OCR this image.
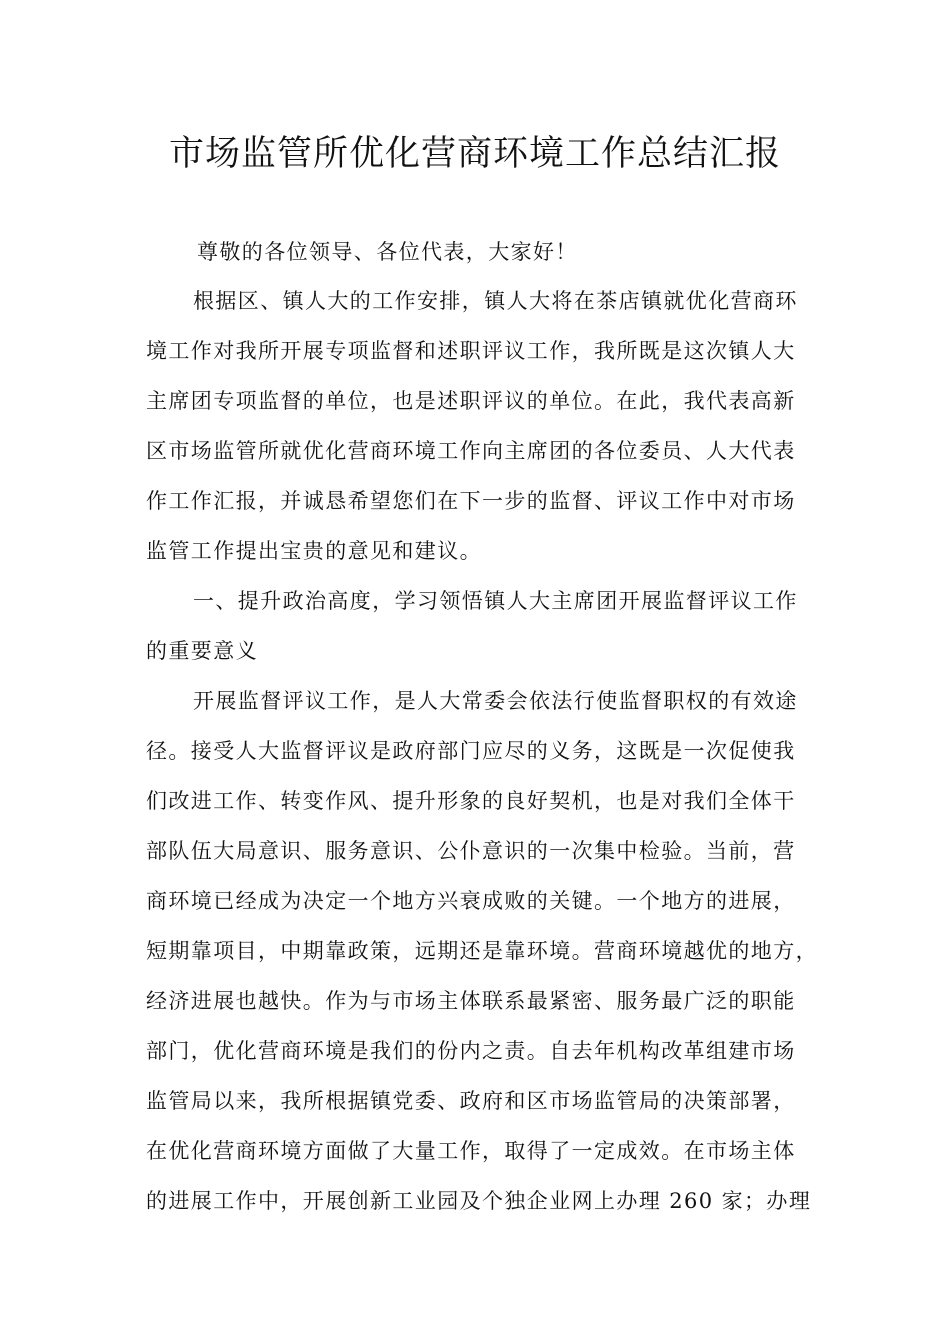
市场监管所优化营商环境工作总结汇报
尊敬的各位领导、各位代表，大家好！
根据区、镇人大的工作安排，镇人大将在茶店镇就优化营商环
境工作对我所开展专项监督和述职评议工作，我所既是这次镇人大
主席团专项监督的单位，也是述职评议的单位。在此，我代表高新
区市场监管所就优化营商环境工作向主席团的各位委员、人大代表
作工作汇报，并诚恳希望您们在下一步的监督、评议工作中对市场
监管工作提出宝贵的意见和建议。
一、提升政治高度，学习领悟镇人大主席团开展监督评议工作
的重要意义
开展监督评议工作，是人大常委会依法行使监督职权的有效途
径。接受人大监督评议是政府部门应尽的义务，这既是一次促使我
们改进工作、转变作风、提升形象的良好契机，也是对我们全体干
部队伍大局意识、服务意识、公仆意识的一次集中检验。当前，营
商环境已经成为决定一个地方兴衰成败的关键。一个地方的进展，
短期靠项目，中期靠政策，远期还是靠环境。营商环境越优的地方，
经济进展也越快。作为与市场主体联系最紧密、服务最广泛的职能
部门，优化营商环境是我们的份内之责。自去年机构改革组建市场
监管局以来，我所根据镇党委、政府和区市场监管局的决策部署，
在优化营商环境方面做了大量工作，取得了一定成效。在市场主体
的进展工作中，开展创新工业园及个独企业网上办理 260 家；办理
